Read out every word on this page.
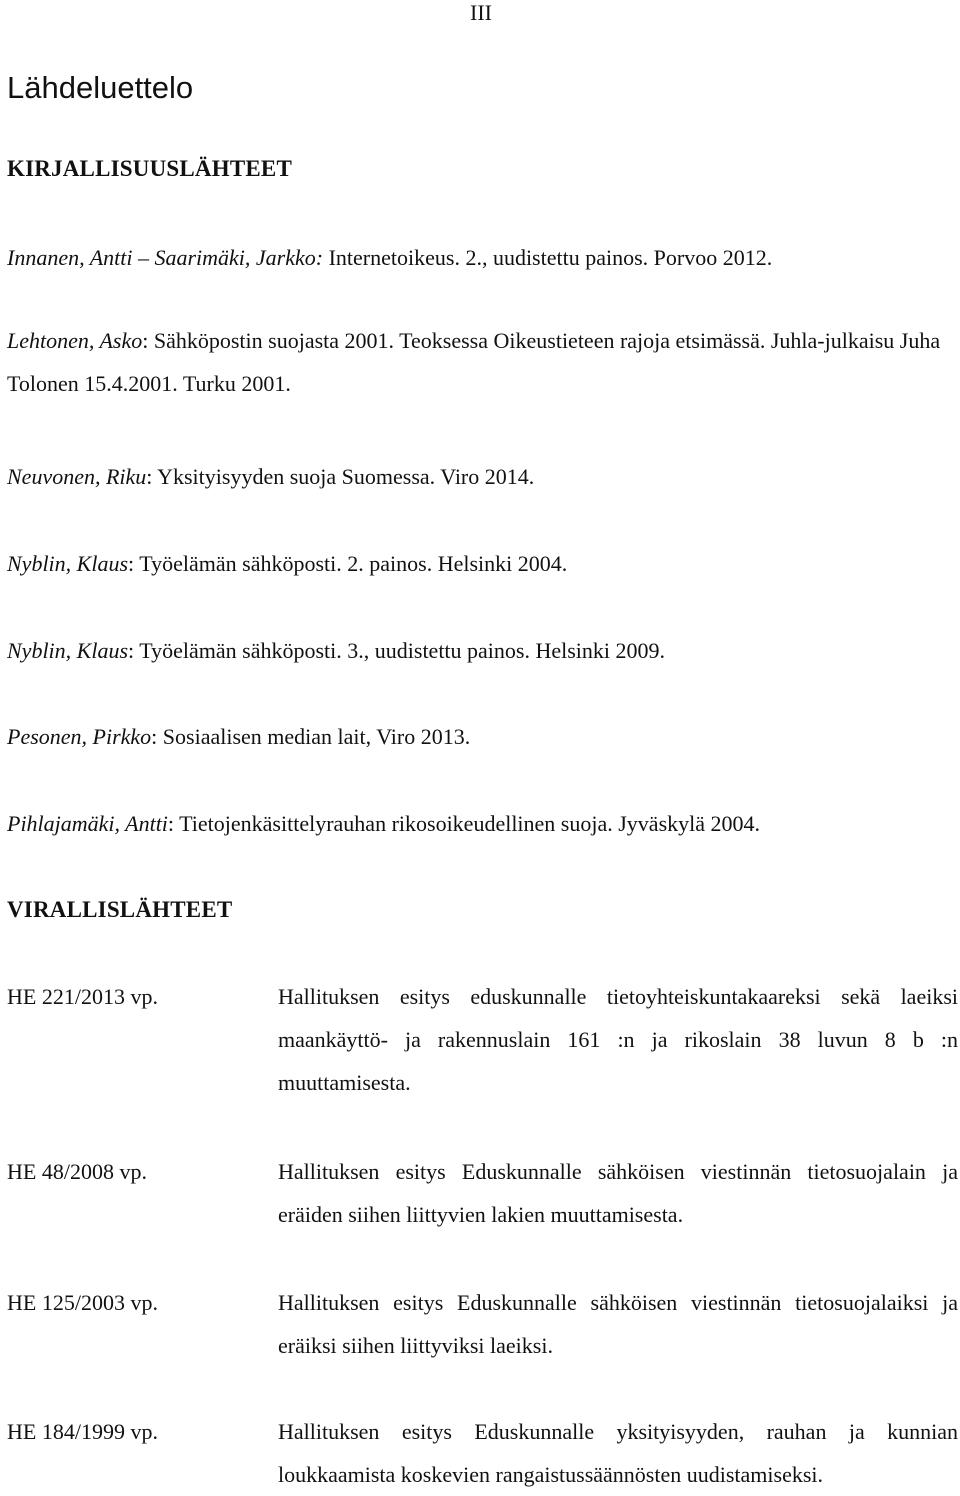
III
Lähdeluettelo
KIRJALLISUUSLÄHTEET
Innanen, Antti – Saarimäki, Jarkko: Internetoikeus. 2., uudistettu painos. Porvoo 2012.
Lehtonen, Asko: Sähköpostin suojasta 2001. Teoksessa Oikeustieteen rajoja etsimässä. Juhla-julkaisu Juha Tolonen 15.4.2001. Turku 2001.
Neuvonen, Riku: Yksityisyyden suoja Suomessa. Viro 2014.
Nyblin, Klaus: Työelämän sähköposti. 2. painos. Helsinki 2004.
Nyblin, Klaus: Työelämän sähköposti. 3., uudistettu painos. Helsinki 2009.
Pesonen, Pirkko: Sosiaalisen median lait, Viro 2013.
Pihlajamäki, Antti: Tietojenkäsittelyrauhan rikosoikeudellinen suoja. Jyväskylä 2004.
VIRALLISLÄHTEET
HE 221/2013 vp.	Hallituksen esitys eduskunnalle tietoyhteiskuntakaareksi sekä laeiksi maankäyttö- ja rakennuslain 161 :n ja rikoslain 38 luvun 8 b :n muuttamisesta.
HE 48/2008 vp.	Hallituksen esitys Eduskunnalle sähköisen viestinnän tietosuojalain ja eräiden siihen liittyvien lakien muuttamisesta.
HE 125/2003 vp.	Hallituksen esitys Eduskunnalle sähköisen viestinnän tietosuojalaiksi ja eräiksi siihen liittyviksi laeiksi.
HE 184/1999 vp.	Hallituksen esitys Eduskunnalle yksityisyyden, rauhan ja kunnian loukkaamista koskevien rangaistussäännösten uudistamiseksi.
